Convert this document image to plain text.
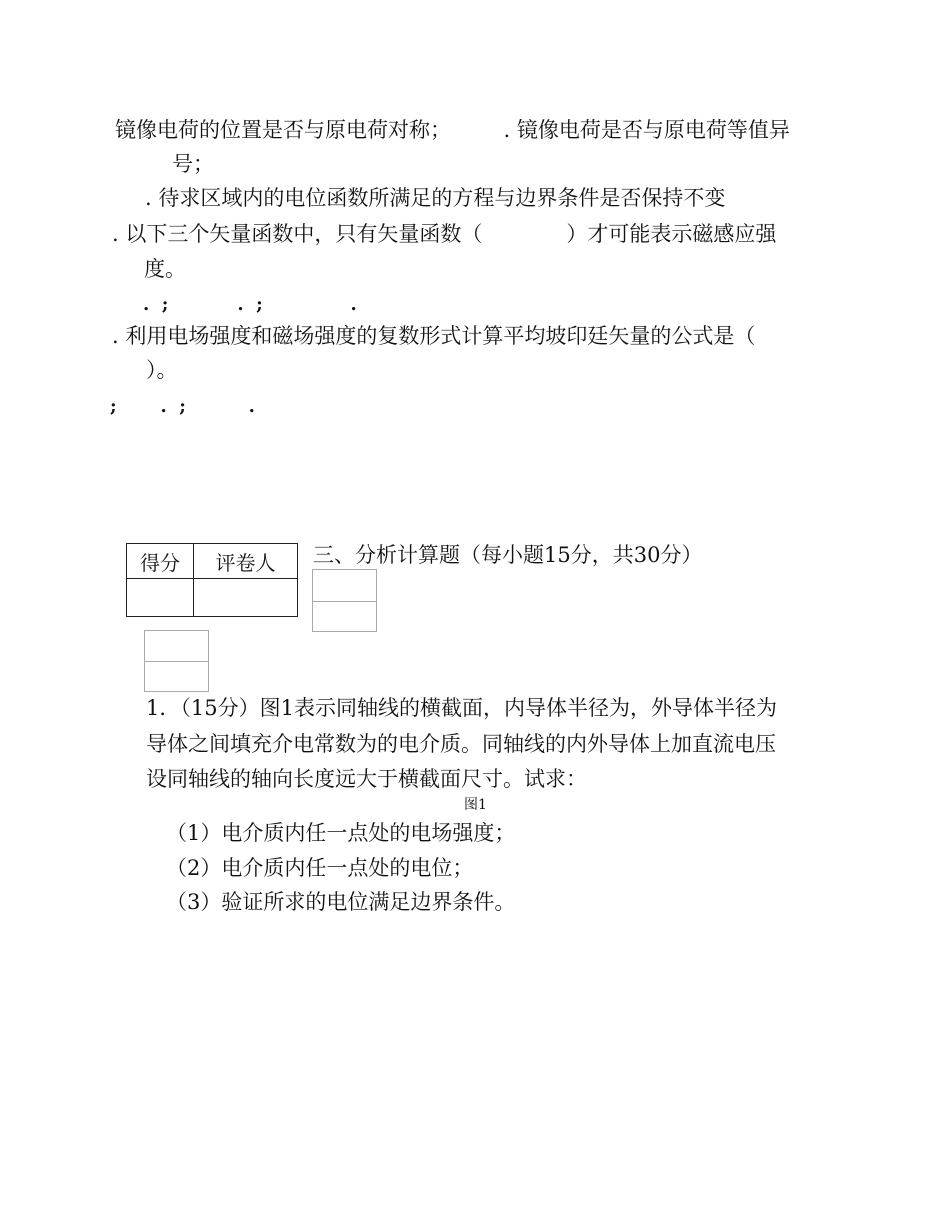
镜像电荷的位置是否与原电荷对称；　　　. 镜像电荷是否与原电荷等值异
号；
. 待求区域内的电位函数所满足的方程与边界条件是否保持不变
. 以下三个矢量函数中，只有矢量函数（　　　　）才可能表示磁感应强
度。
.  ;           .  ;              .
. 利用电场强度和磁场强度的复数形式计算平均坡印廷矢量的公式是（
）。
;       .  ;          .
得分	评卷人
	三、分析计算题（每小题15分，共30分）
1．（15分）图1表示同轴线的横截面，内导体半径为，外导体半径为
导体之间填充介电常数为的电介质。同轴线的内外导体上加直流电压
设同轴线的轴向长度远大于横截面尺寸。试求：
图1
（1）电介质内任一点处的电场强度；
（2）电介质内任一点处的电位；
（3）验证所求的电位满足边界条件。
